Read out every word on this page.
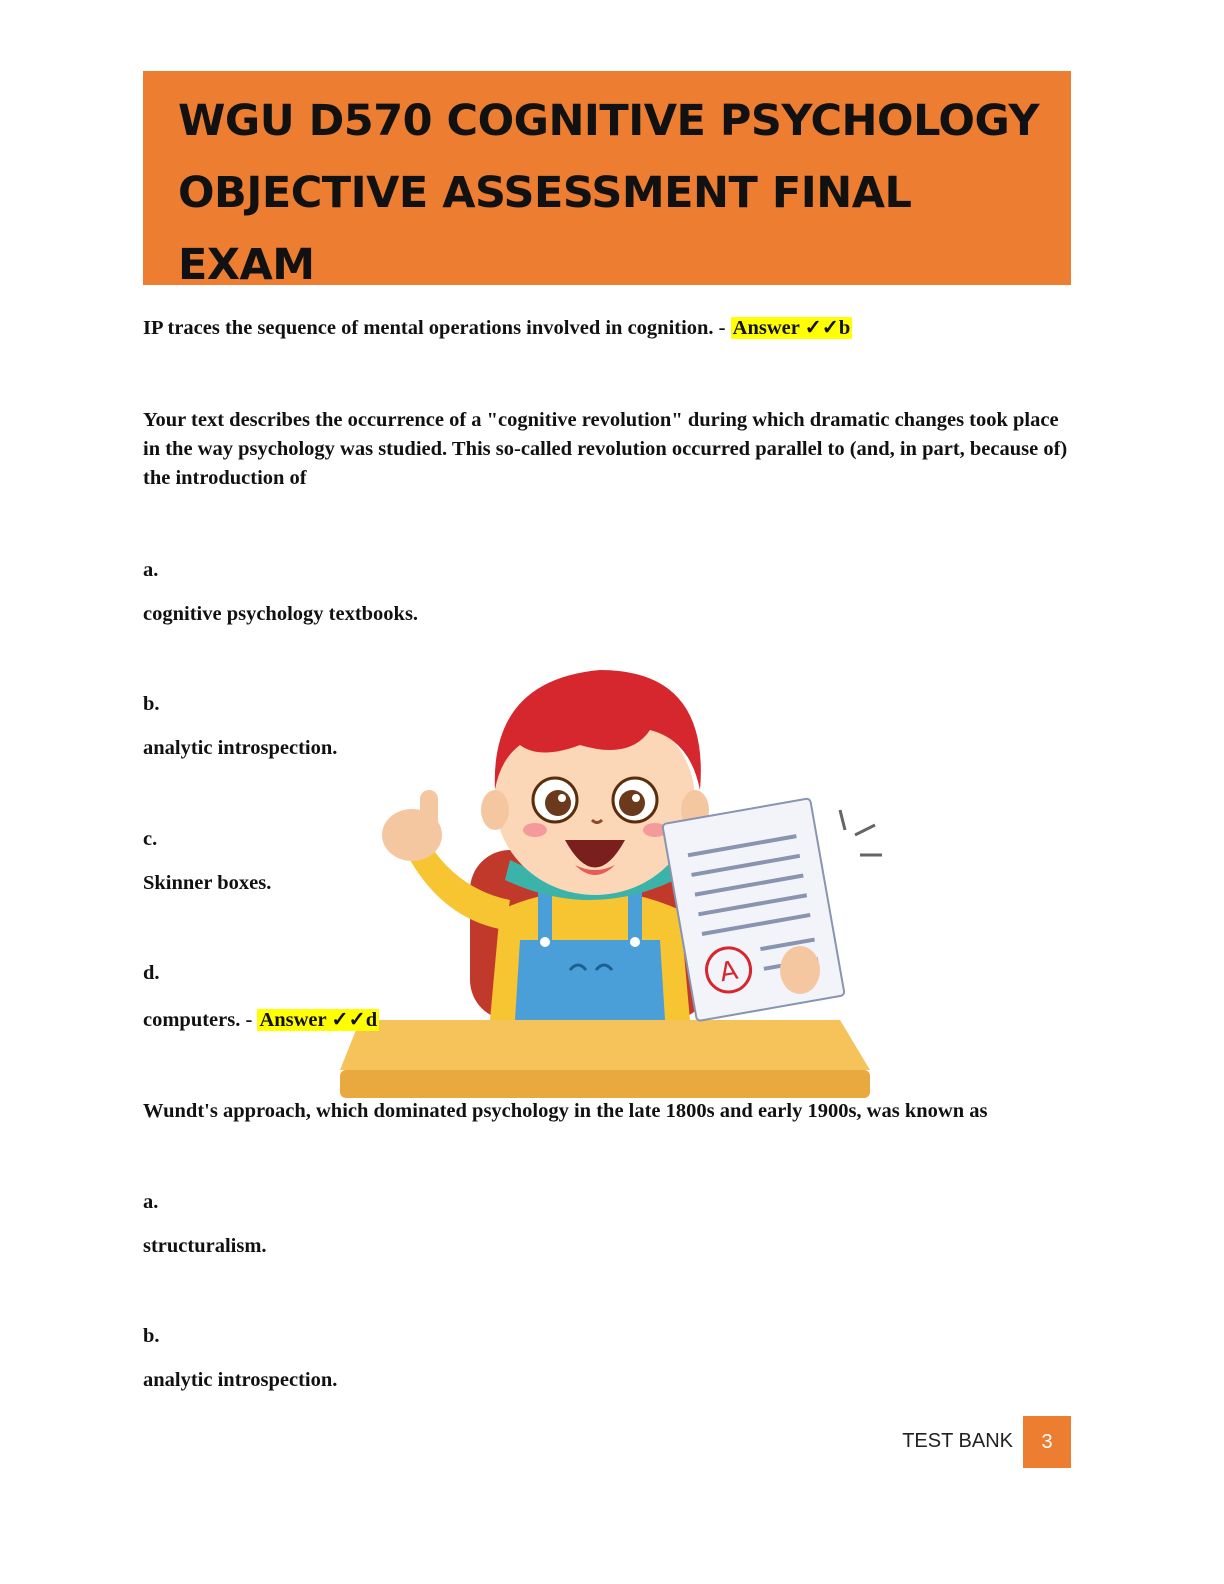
WGU D570 COGNITIVE PSYCHOLOGY
OBJECTIVE ASSESSMENT FINAL EXAM

IP traces the sequence of mental operations involved in cognition. - Answer ✓✓b

A

Your text describes the occurrence of a "cognitive revolution" during which dramatic changes took place in the way psychology was studied. This so-called revolution occurred parallel to (and, in part, because of) the introduction of

a.

cognitive psychology textbooks.

b.

analytic introspection.

c.

Skinner boxes.

d.

computers. - Answer ✓✓d

Wundt's approach, which dominated psychology in the late 1800s and early 1900s, was known as

a.

structuralism.

b.

analytic introspection.

TEST BANK	3
